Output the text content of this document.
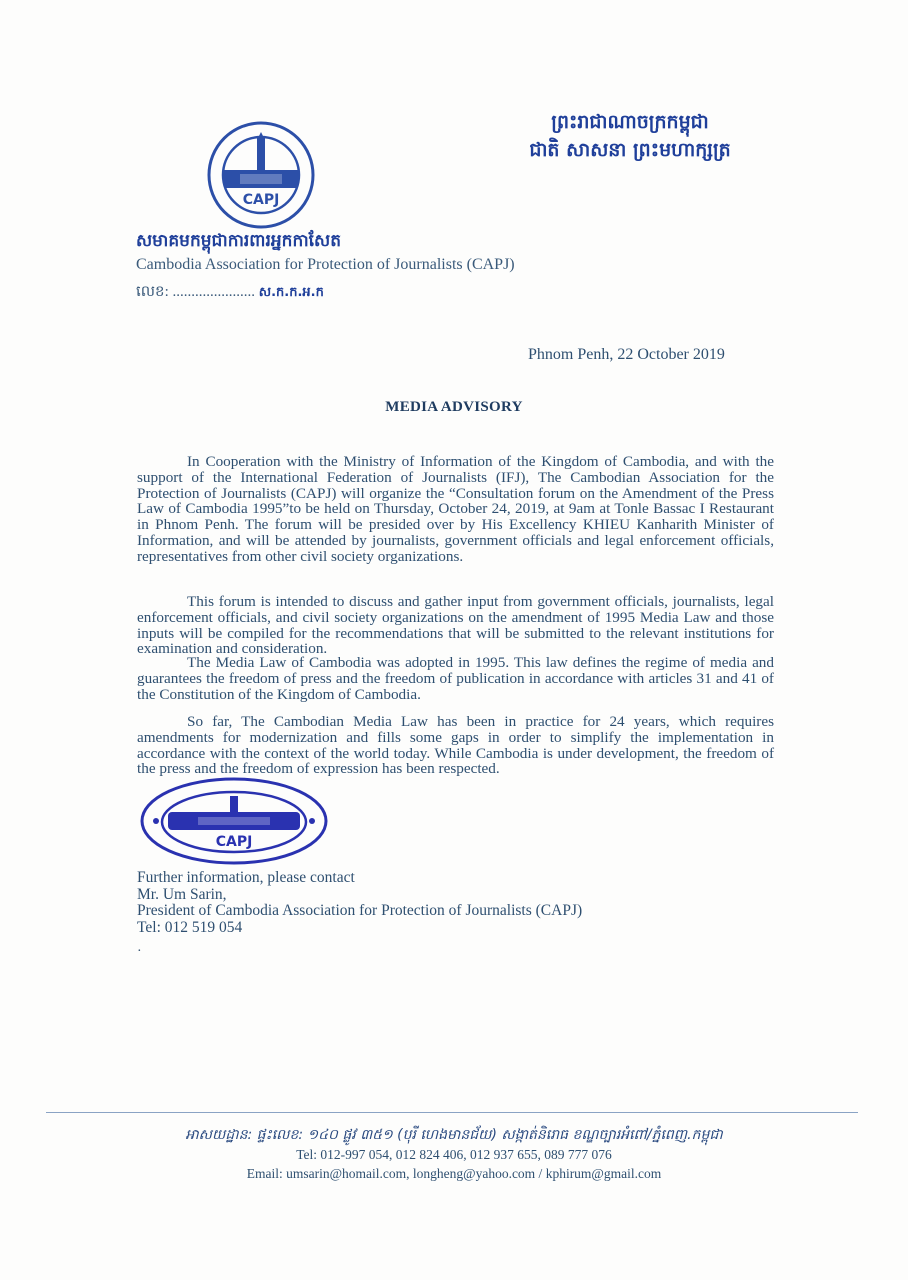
ព្រះរាជាណាចក្រកម្ពុជា
ជាតិ សាសនា ព្រះមហាក្សត្រ
CAPJ
សមាគមកម្ពុជាការពារអ្នកកាសែត
Cambodia Association for Protection of Journalists (CAPJ)
លេខ: ...................... ស.ក.ក.អ.ក
Phnom Penh, 22 October 2019
MEDIA ADVISORY
In Cooperation with the Ministry of Information of the Kingdom of Cambodia, and with the support of the International Federation of Journalists (IFJ), The Cambodian Association for the Protection of Journalists (CAPJ) will organize the “Consultation forum on the Amendment of the Press Law of Cambodia 1995”to be held on Thursday, October 24, 2019, at 9am at Tonle Bassac I Restaurant in Phnom Penh. The forum will be presided over by His Excellency KHIEU Kanharith Minister of Information, and will be attended by journalists, government officials and legal enforcement officials, representatives from other civil society organizations.
This forum is intended to discuss and gather input from government officials, journalists, legal enforcement officials, and civil society organizations on the amendment of 1995 Media Law and those inputs will be compiled for the recommendations that will be submitted to the relevant institutions for examination and consideration.
The Media Law of Cambodia was adopted in 1995. This law defines the regime of media and guarantees the freedom of press and the freedom of publication in accordance with articles 31 and 41 of the Constitution of the Kingdom of Cambodia.
So far, The Cambodian Media Law has been in practice for 24 years, which requires amendments for modernization and fills some gaps in order to simplify the implementation in accordance with the context of the world today. While Cambodia is under development, the freedom of the press and the freedom of expression has been respected.
CAPJ
Further information, please contact
Mr. Um Sarin,
President of Cambodia Association for Protection of Journalists (CAPJ)
Tel: 012 519 054
·
អាសយដ្ឋាន: ផ្ទះលេខ: ១៤០ ផ្លូវ ៣៥១ (បុរី ហេងមានជ័យ) សង្កាត់និរោធ ខណ្ឌច្បារអំពៅ/ភ្នំពេញ.កម្ពុជា
Tel: 012-997 054, 012 824 406, 012 937 655, 089 777 076
Email: umsarin@homail.com, longheng@yahoo.com / kphirum@gmail.com
